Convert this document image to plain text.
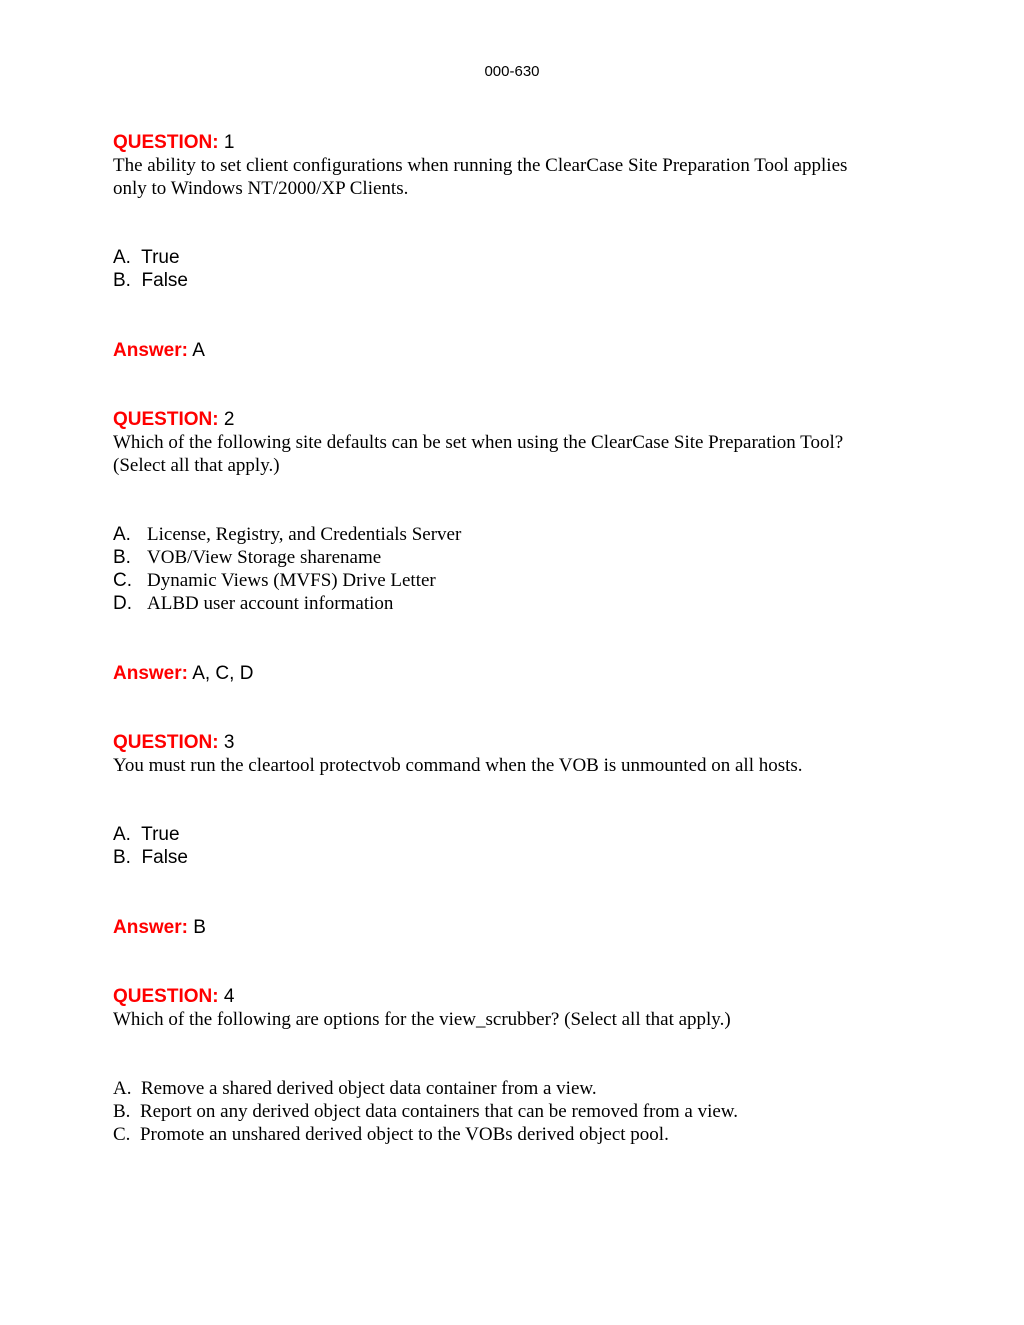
000-630
QUESTION: 1

The ability to set client configurations when running the ClearCase Site Preparation Tool applies
only to Windows NT/2000/XP Clients.

A. True
B. False
Answer: A
QUESTION: 2

Which of the following site defaults can be set when using the ClearCase Site Preparation Tool?
(Select all that apply.)

A. License, Registry, and Credentials Server
B. VOB/View Storage sharename
C. Dynamic Views (MVFS) Drive Letter
D. ALBD user account information
Answer: A, C, D
QUESTION: 3

You must run the cleartool protectvob command when the VOB is unmounted on all hosts.

A. True
B. False
Answer: B
QUESTION: 4

Which of the following are options for the view_scrubber? (Select all that apply.)

A. Remove a shared derived object data container from a view.
B. Report on any derived object data containers that can be removed from a view.
C. Promote an unshared derived object to the VOBs derived object pool.
